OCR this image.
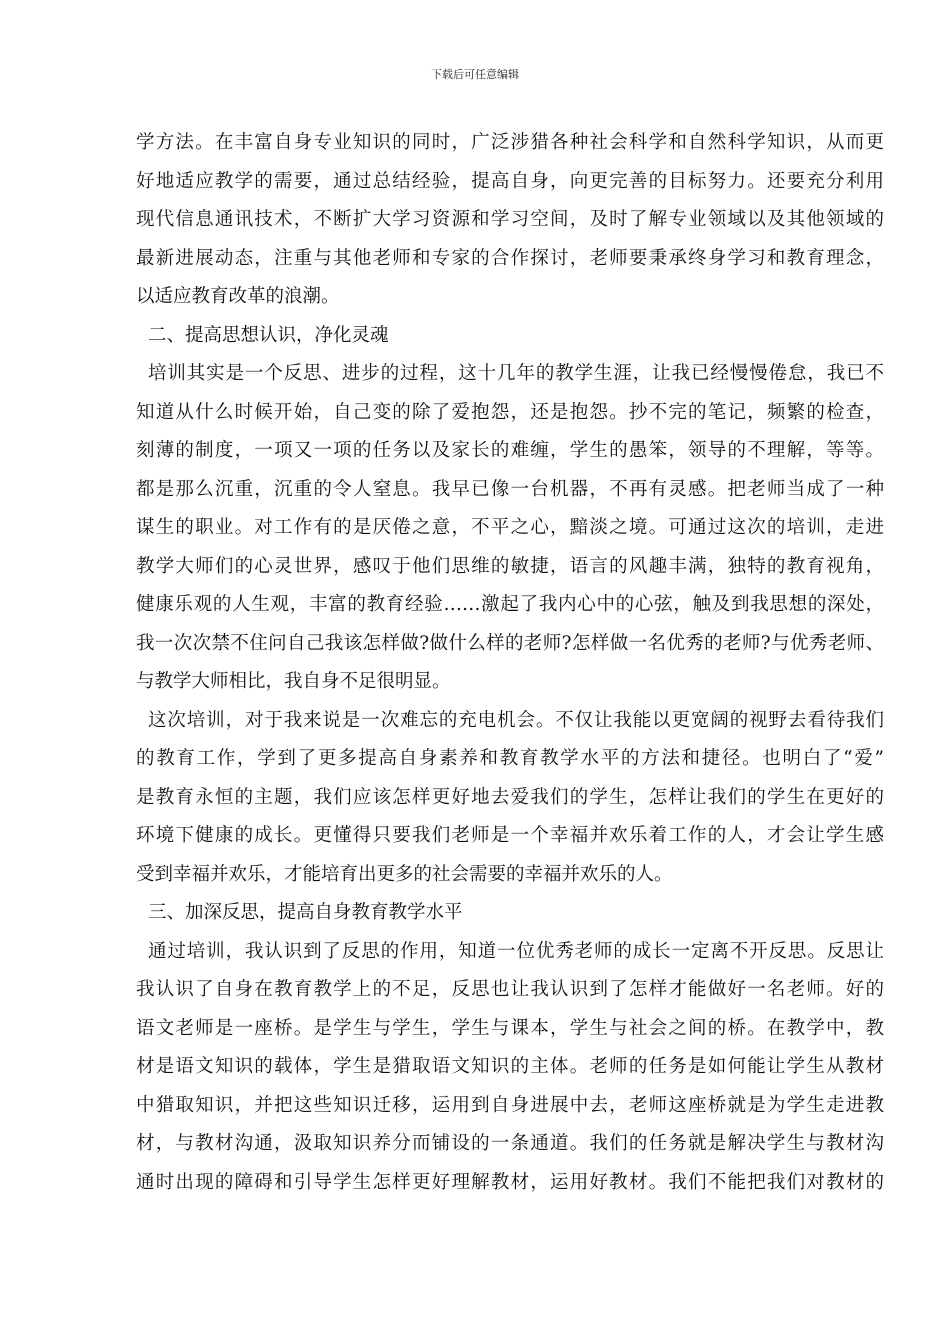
下载后可任意编辑
学方法。在丰富自身专业知识的同时，广泛涉猎各种社会科学和自然科学知识，从而更
好地适应教学的需要，通过总结经验，提高自身，向更完善的目标努力。还要充分利用
现代信息通讯技术，不断扩大学习资源和学习空间，及时了解专业领域以及其他领域的
最新进展动态，注重与其他老师和专家的合作探讨，老师要秉承终身学习和教育理念，
以适应教育改革的浪潮。
二、提高思想认识，净化灵魂
培训其实是一个反思、进步的过程，这十几年的教学生涯，让我已经慢慢倦怠，我已不
知道从什么时候开始，自己变的除了爱抱怨，还是抱怨。抄不完的笔记，频繁的检查，
刻薄的制度，一项又一项的任务以及家长的难缠，学生的愚笨，领导的不理解，等等。
都是那么沉重，沉重的令人窒息。我早已像一台机器，不再有灵感。把老师当成了一种
谋生的职业。对工作有的是厌倦之意，不平之心，黯淡之境。可通过这次的培训，走进
教学大师们的心灵世界，感叹于他们思维的敏捷，语言的风趣丰满，独特的教育视角，
健康乐观的人生观，丰富的教育经验……激起了我内心中的心弦，触及到我思想的深处，
我一次次禁不住问自己我该怎样做?做什么样的老师?怎样做一名优秀的老师?与优秀老师、
与教学大师相比，我自身不足很明显。
这次培训，对于我来说是一次难忘的充电机会。不仅让我能以更宽阔的视野去看待我们
的教育工作，学到了更多提高自身素养和教育教学水平的方法和捷径。也明白了“爱”
是教育永恒的主题，我们应该怎样更好地去爱我们的学生，怎样让我们的学生在更好的
环境下健康的成长。更懂得只要我们老师是一个幸福并欢乐着工作的人，才会让学生感
受到幸福并欢乐，才能培育出更多的社会需要的幸福并欢乐的人。
三、加深反思，提高自身教育教学水平
通过培训，我认识到了反思的作用，知道一位优秀老师的成长一定离不开反思。反思让
我认识了自身在教育教学上的不足，反思也让我认识到了怎样才能做好一名老师。好的
语文老师是一座桥。是学生与学生，学生与课本，学生与社会之间的桥。在教学中，教
材是语文知识的载体，学生是猎取语文知识的主体。老师的任务是如何能让学生从教材
中猎取知识，并把这些知识迁移，运用到自身进展中去，老师这座桥就是为学生走进教
材，与教材沟通，汲取知识养分而铺设的一条通道。我们的任务就是解决学生与教材沟
通时出现的障碍和引导学生怎样更好理解教材，运用好教材。我们不能把我们对教材的
